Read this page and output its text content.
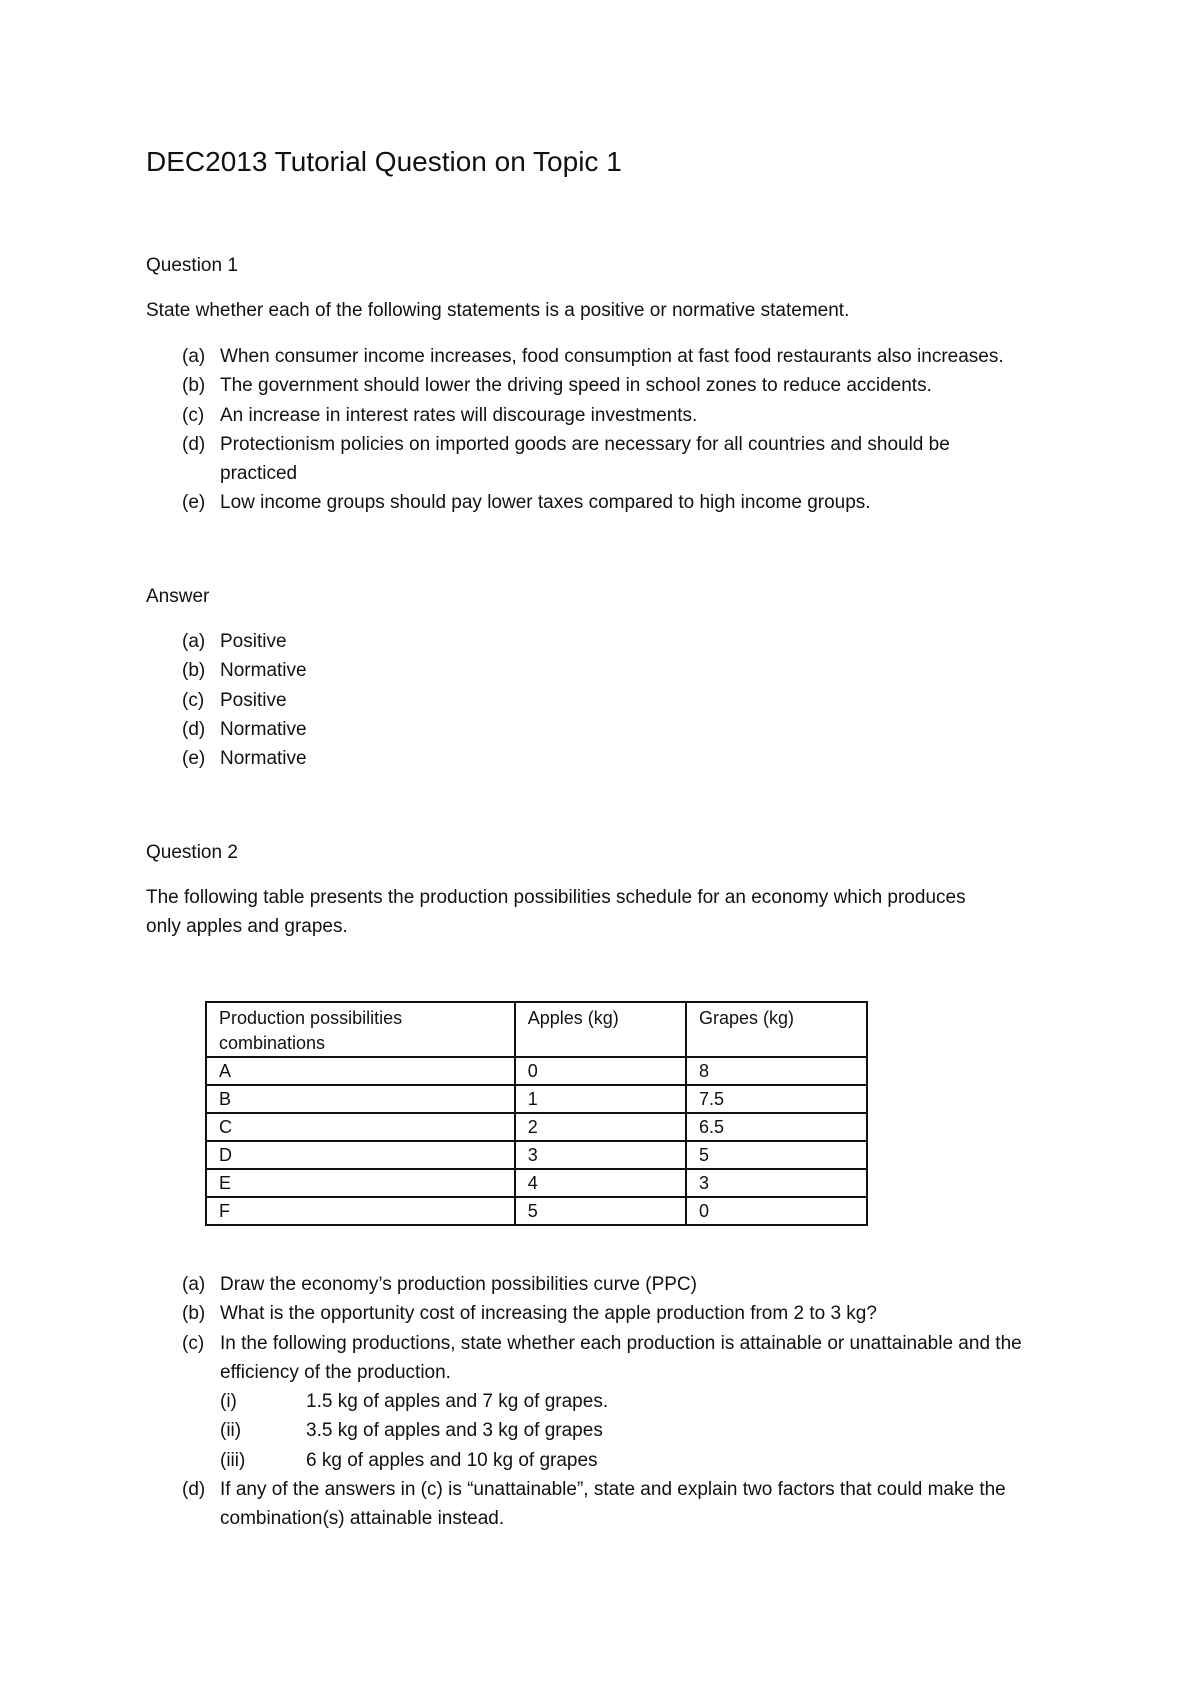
DEC2013 Tutorial Question on Topic 1
Question 1
State whether each of the following statements is a positive or normative statement.
(a) When consumer income increases, food consumption at fast food restaurants also increases.
(b) The government should lower the driving speed in school zones to reduce accidents.
(c) An increase in interest rates will discourage investments.
(d) Protectionism policies on imported goods are necessary for all countries and should be practiced
(e) Low income groups should pay lower taxes compared to high income groups.
Answer
(a) Positive
(b) Normative
(c) Positive
(d) Normative
(e) Normative
Question 2
The following table presents the production possibilities schedule for an economy which produces
only apples and grapes.
Production possibilities combinations	Apples (kg)	Grapes (kg)
A	0	8
B	1	7.5
C	2	6.5
D	3	5
E	4	3
F	5	0
(a) Draw the economy’s production possibilities curve (PPC)
(b) What is the opportunity cost of increasing the apple production from 2 to 3 kg?
(c) In the following productions, state whether each production is attainable or unattainable and the efficiency of the production.
(i)	1.5 kg of apples and 7 kg of grapes.
(ii)	3.5 kg of apples and 3 kg of grapes
(iii)	6 kg of apples and 10 kg of grapes
(d) If any of the answers in (c) is “unattainable”, state and explain two factors that could make the combination(s) attainable instead.
